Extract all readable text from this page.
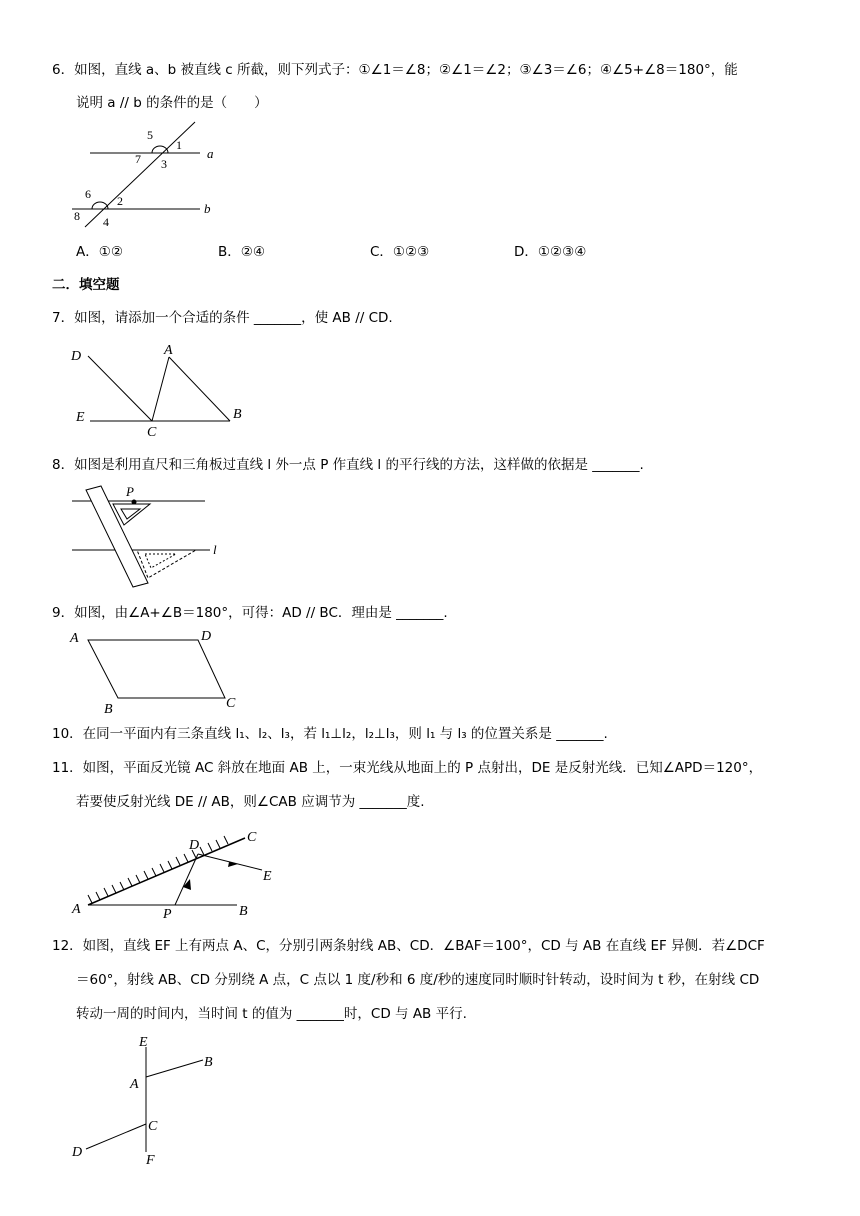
6．如图，直线 a、b 被直线 c 所截，则下列式子：①∠1＝∠8；②∠1＝∠2；③∠3＝∠6；④∠5+∠8＝180°，能
说明 a // b 的条件的是（　　）
5
1
7 3
a
6 2
8 4
b
A．①②	B．②④	C．①②③	D．①②③④
二．填空题
7．如图，请添加一个合适的条件 _______，使 AB // CD.
D	A
E
C
B
8．如图是利用直尺和三角板过直线 l 外一点 P 作直线 l 的平行线的方法，这样做的依据是 _______.
P
l
9．如图，由∠A+∠B＝180°，可得：AD // BC．理由是 _______.
A	D
B	C
10．在同一平面内有三条直线 l₁、l₂、l₃，若 l₁⊥l₂，l₂⊥l₃，则 l₁ 与 l₃ 的位置关系是 _______.
11．如图，平面反光镜 AC 斜放在地面 AB 上，一束光线从地面上的 P 点射出，DE 是反射光线．已知∠APD＝120°，
若要使反射光线 DE // AB，则∠CAB 应调节为 _______度.
D
C
E
A	P	B
12．如图，直线 EF 上有两点 A、C，分别引两条射线 AB、CD．∠BAF＝100°，CD 与 AB 在直线 EF 异侧．若∠DCF
＝60°，射线 AB、CD 分别绕 A 点，C 点以 1 度/秒和 6 度/秒的速度同时顺时针转动，设时间为 t 秒，在射线 CD
转动一周的时间内，当时间 t 的值为 _______时，CD 与 AB 平行.
E
B
A
C
D
F
